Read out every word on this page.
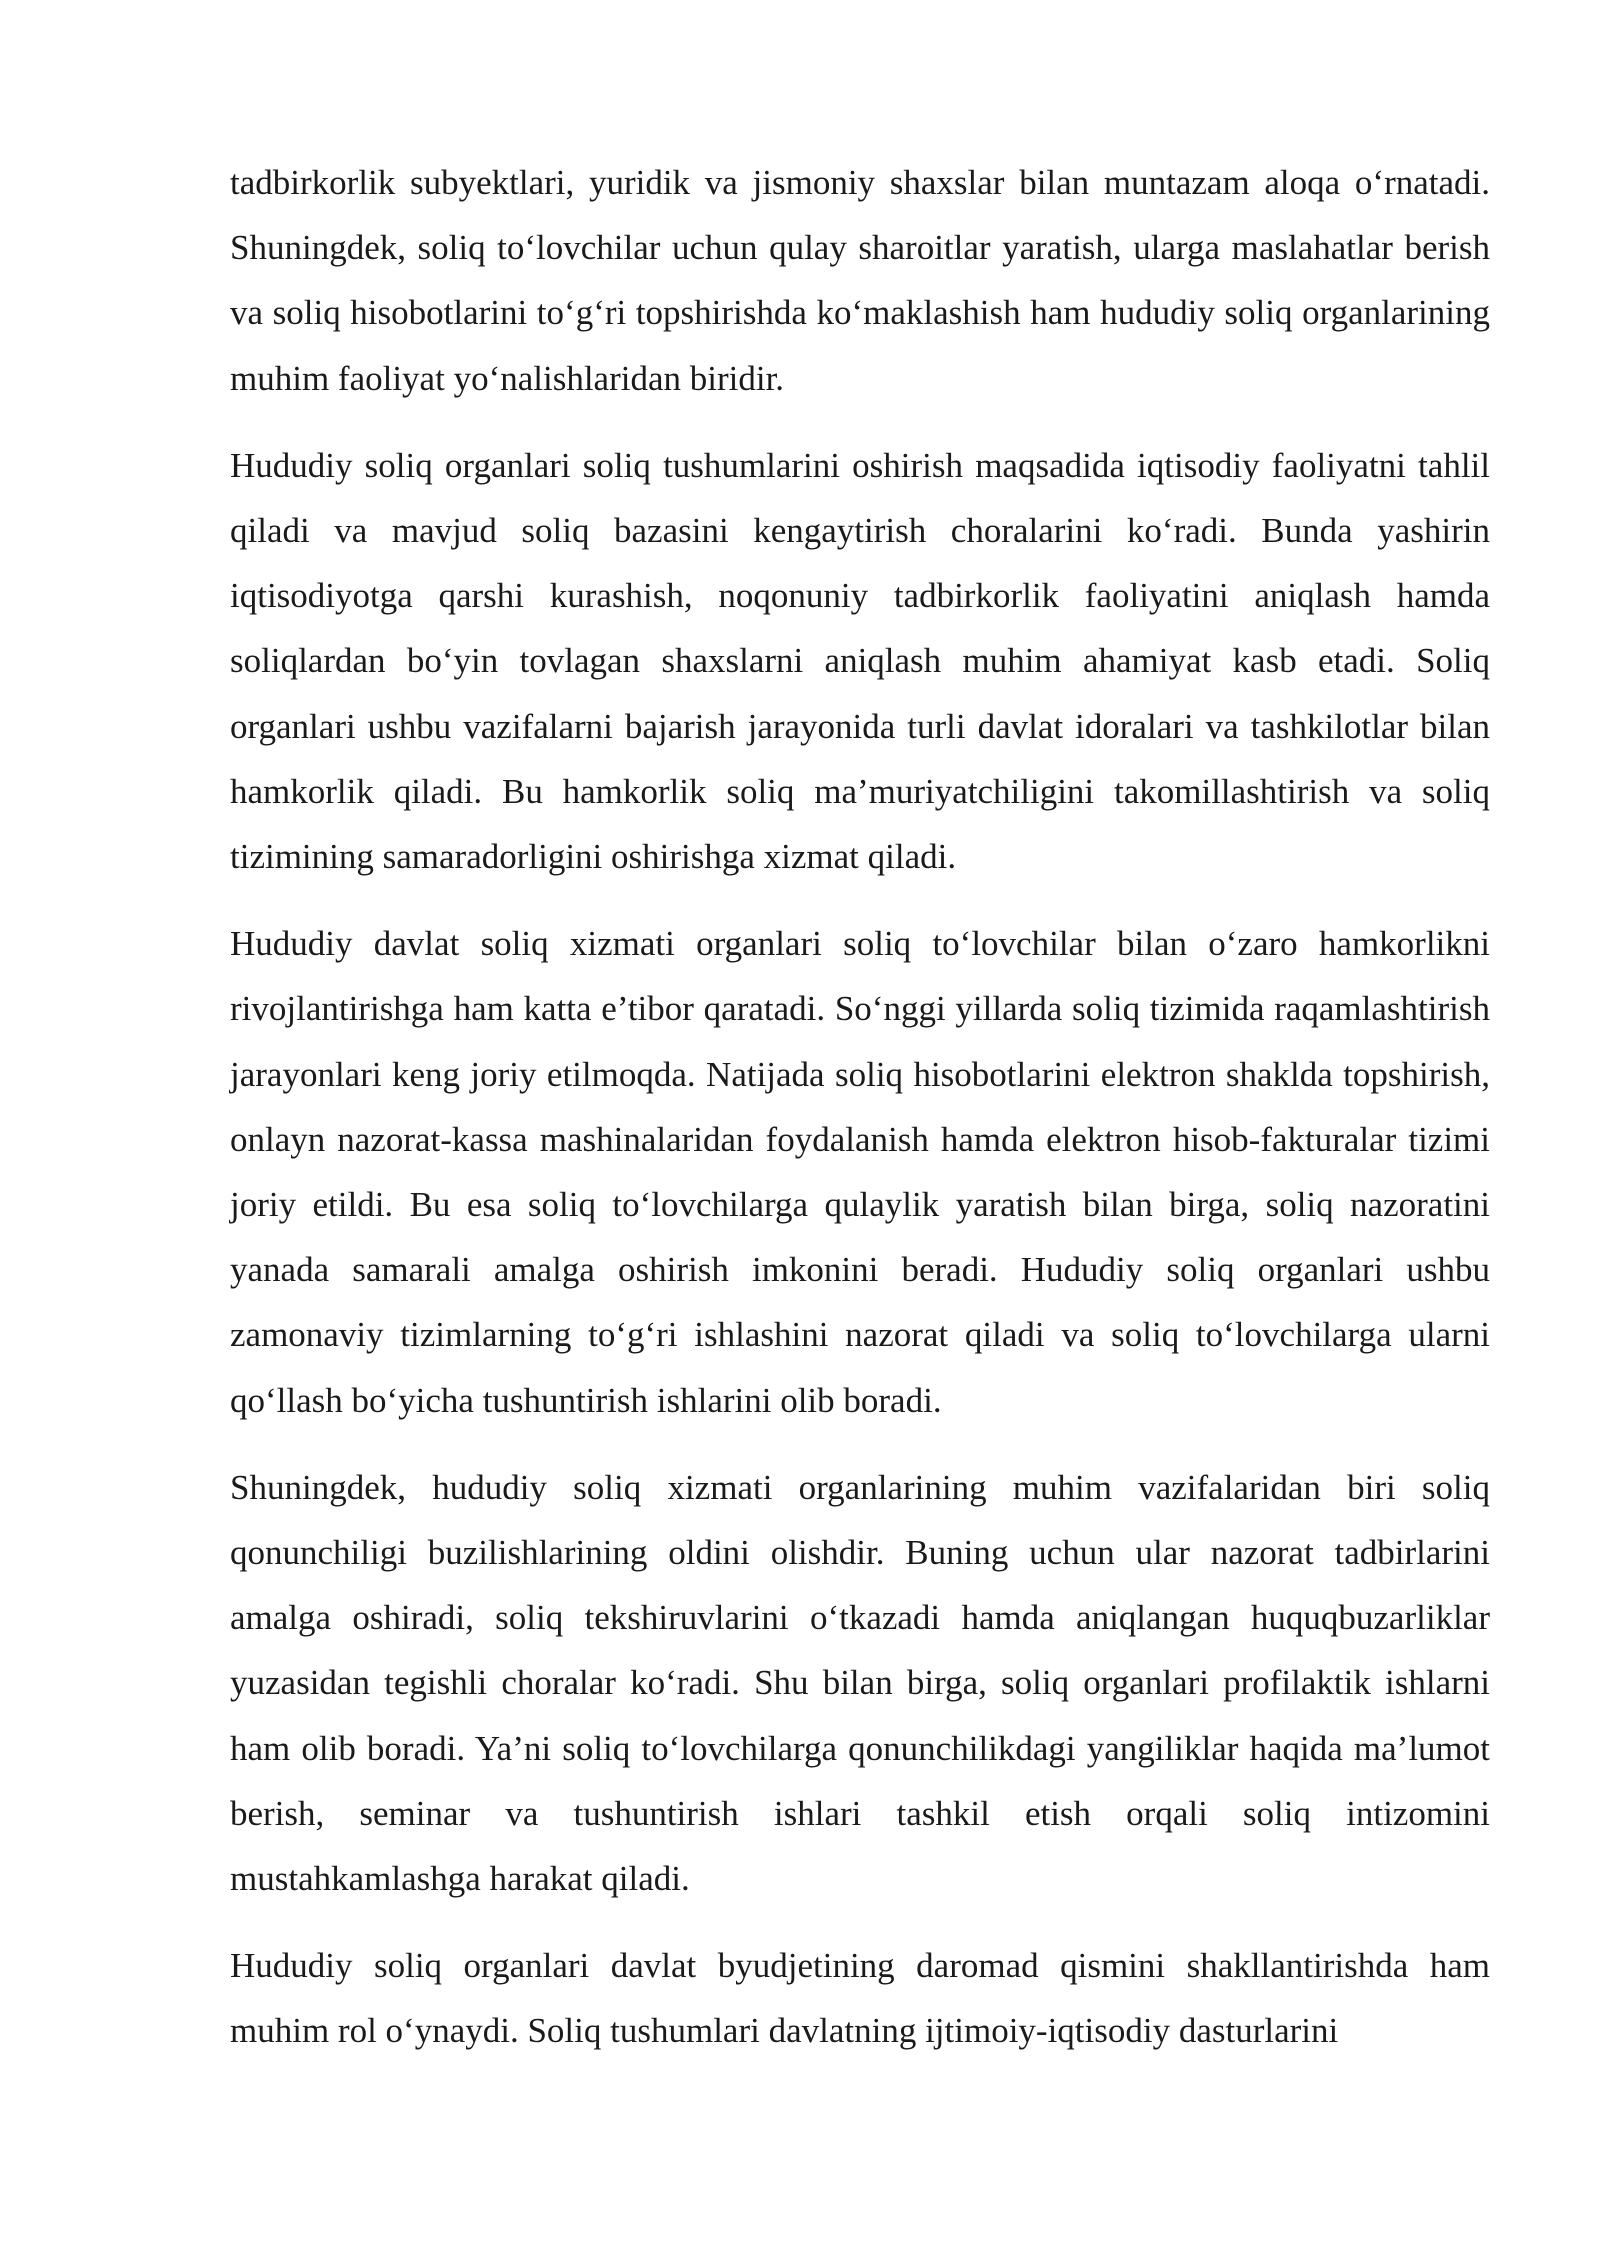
tadbirkorlik subyektlari, yuridik va jismoniy shaxslar bilan muntazam aloqa o‘rnatadi. Shuningdek, soliq to‘lovchilar uchun qulay sharoitlar yaratish, ularga maslahatlar berish va soliq hisobotlarini to‘g‘ri topshirishda ko‘maklashish ham hududiy soliq organlarining muhim faoliyat yo‘nalishlaridan biridir.

Hududiy soliq organlari soliq tushumlarini oshirish maqsadida iqtisodiy faoliyatni tahlil qiladi va mavjud soliq bazasini kengaytirish choralarini ko‘radi. Bunda yashirin iqtisodiyotga qarshi kurashish, noqonuniy tadbirkorlik faoliyatini aniqlash hamda soliqlardan bo‘yin tovlagan shaxslarni aniqlash muhim ahamiyat kasb etadi. Soliq organlari ushbu vazifalarni bajarish jarayonida turli davlat idoralari va tashkilotlar bilan hamkorlik qiladi. Bu hamkorlik soliq ma’muriyatchiligini takomillashtirish va soliq tizimining samaradorligini oshirishga xizmat qiladi.

Hududiy davlat soliq xizmati organlari soliq to‘lovchilar bilan o‘zaro hamkorlikni rivojlantirishga ham katta e’tibor qaratadi. So‘nggi yillarda soliq tizimida raqamlashtirish jarayonlari keng joriy etilmoqda. Natijada soliq hisobotlarini elektron shaklda topshirish, onlayn nazorat-kassa mashinalaridan foydalanish hamda elektron hisob-fakturalar tizimi joriy etildi. Bu esa soliq to‘lovchilarga qulaylik yaratish bilan birga, soliq nazoratini yanada samarali amalga oshirish imkonini beradi. Hududiy soliq organlari ushbu zamonaviy tizimlarning to‘g‘ri ishlashini nazorat qiladi va soliq to‘lovchilarga ularni qo‘llash bo‘yicha tushuntirish ishlarini olib boradi.

Shuningdek, hududiy soliq xizmati organlarining muhim vazifalaridan biri soliq qonunchiligi buzilishlarining oldini olishdir. Buning uchun ular nazorat tadbirlarini amalga oshiradi, soliq tekshiruvlarini o‘tkazadi hamda aniqlangan huquqbuzarliklar yuzasidan tegishli choralar ko‘radi. Shu bilan birga, soliq organlari profilaktik ishlarni ham olib boradi. Ya’ni soliq to‘lovchilarga qonunchilikdagi yangiliklar haqida ma’lumot berish, seminar va tushuntirish ishlari tashkil etish orqali soliq intizomini mustahkamlashga harakat qiladi.

Hududiy soliq organlari davlat byudjetining daromad qismini shakllantirishda ham muhim rol o‘ynaydi. Soliq tushumlari davlatning ijtimoiy-iqtisodiy dasturlarini
